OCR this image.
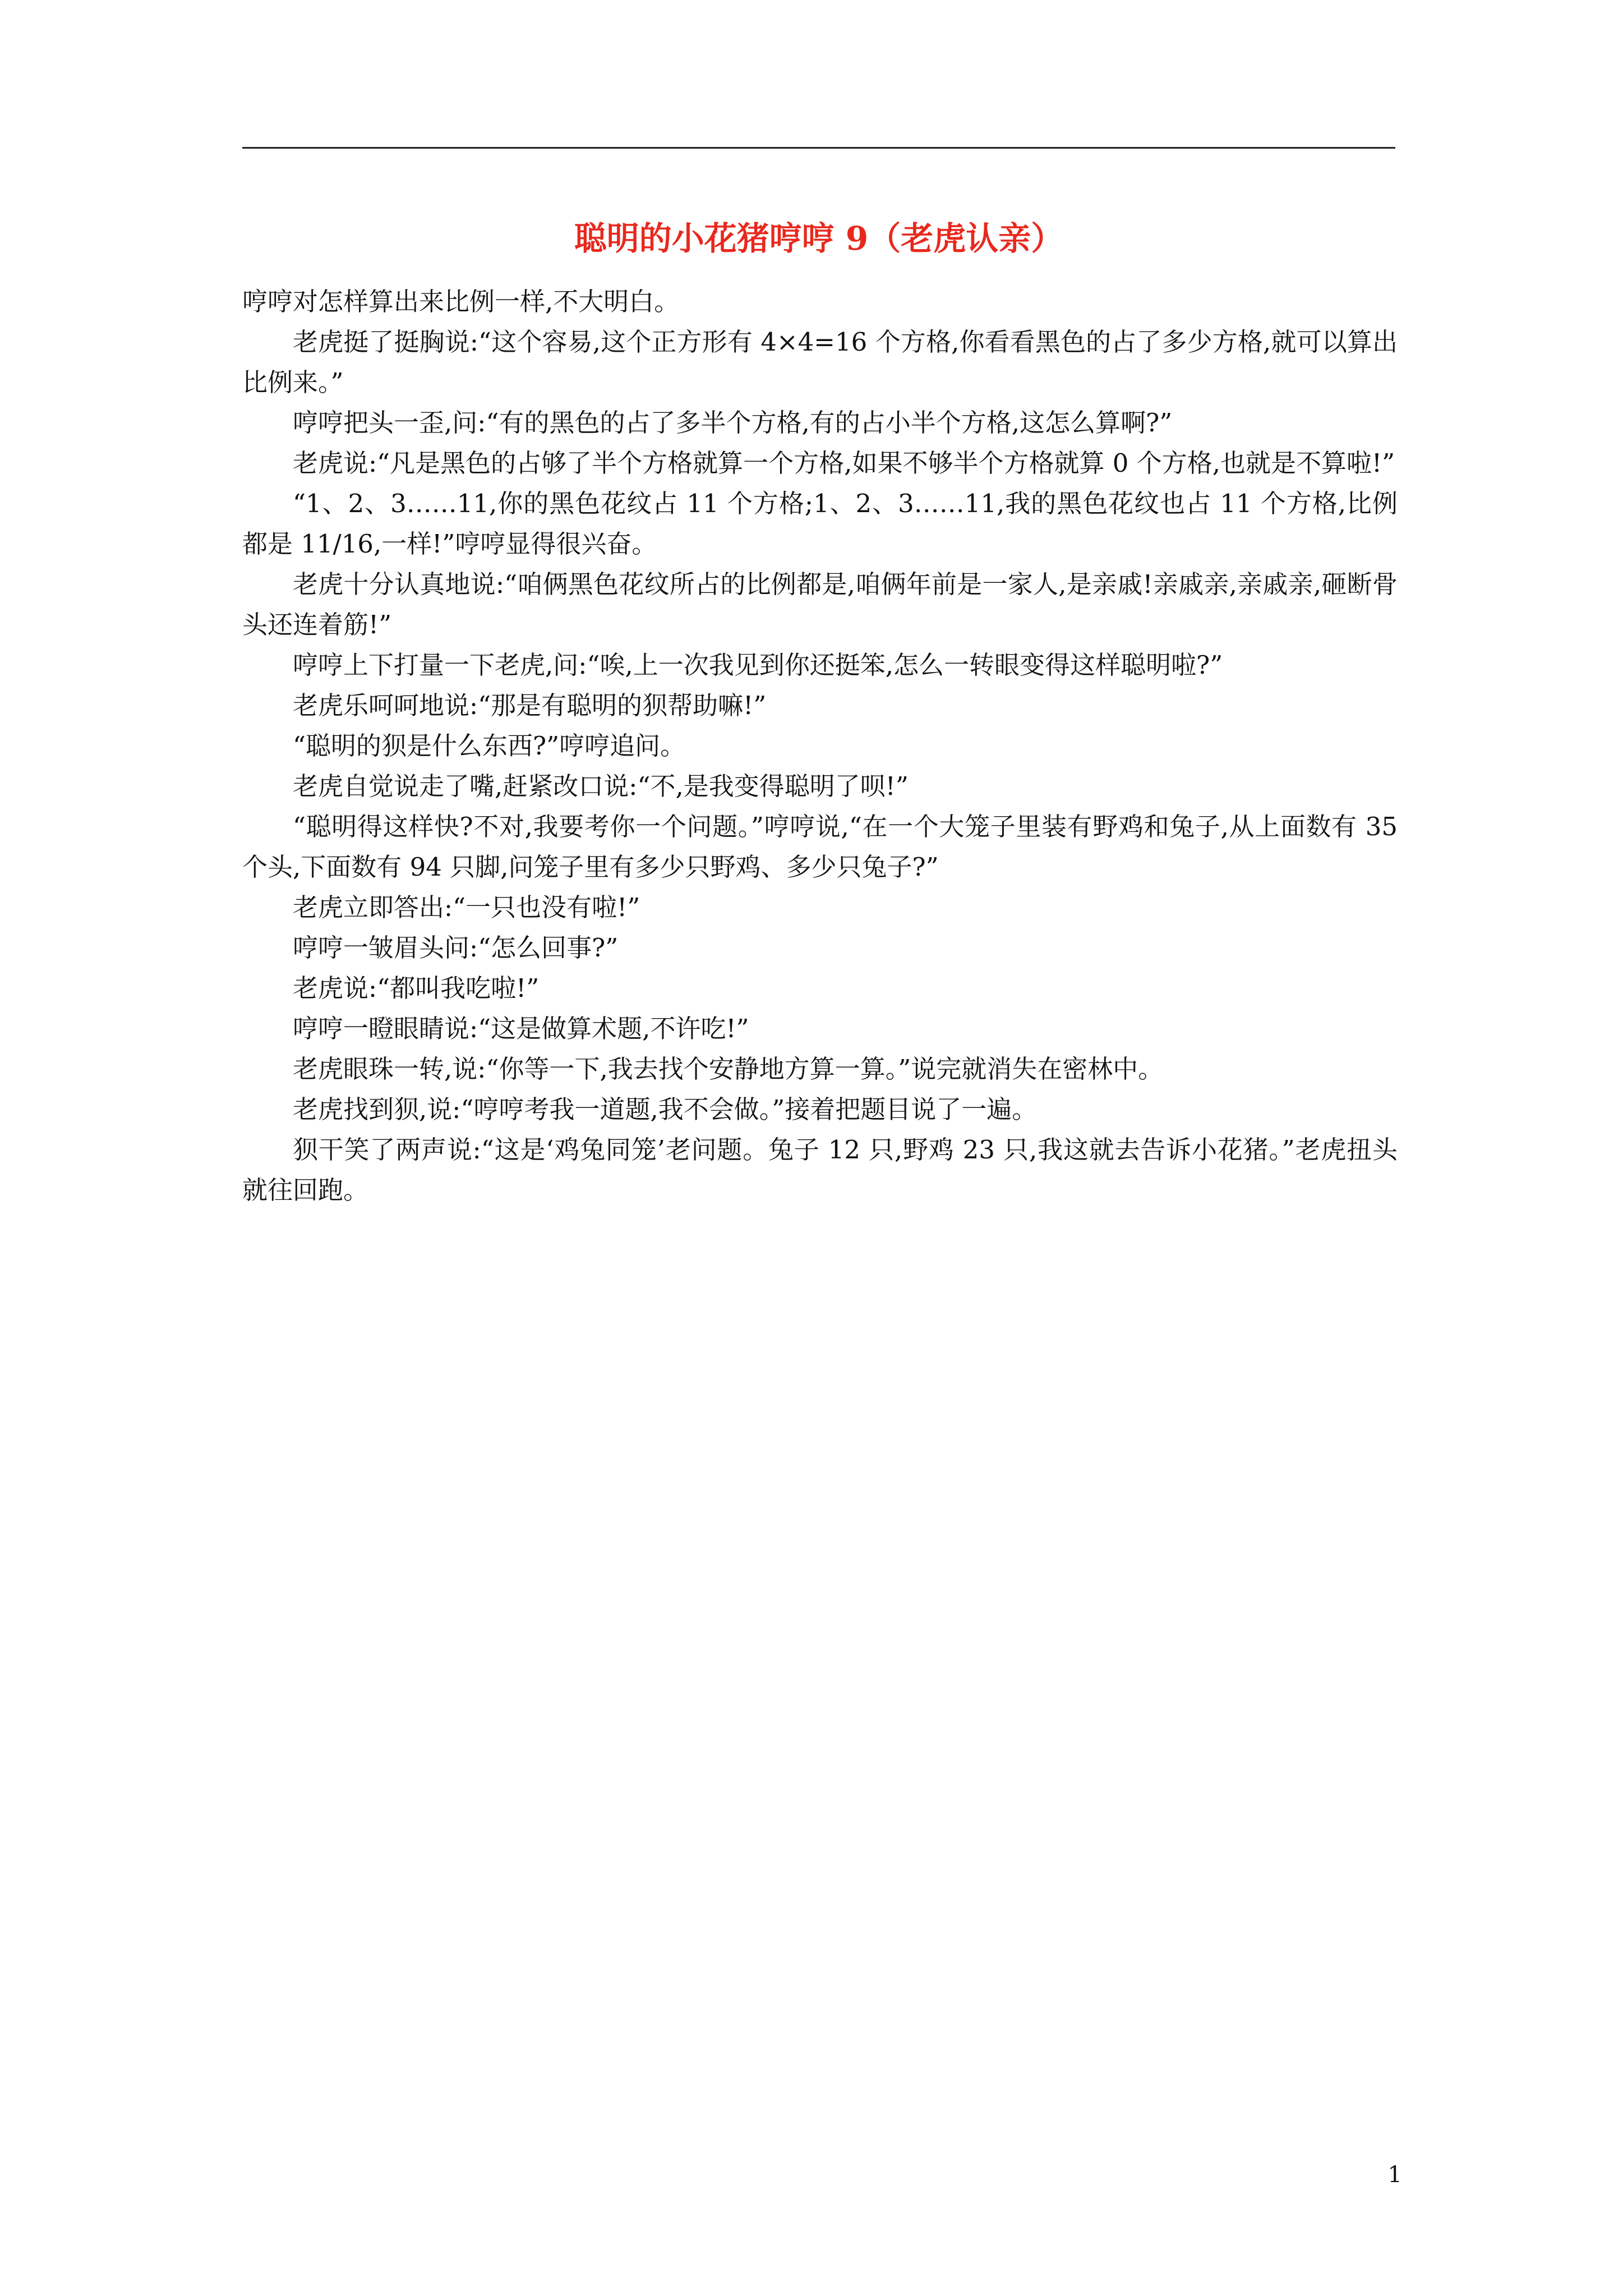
聪明的小花猪哼哼 9（老虎认亲）

哼哼对怎样算出来比例一样,不大明白。

老虎挺了挺胸说:“这个容易,这个正方形有 4×4=16 个方格,你看看黑色的占了多少方格,就可以算出比例来。”

哼哼把头一歪,问:“有的黑色的占了多半个方格,有的占小半个方格,这怎么算啊?”

老虎说:“凡是黑色的占够了半个方格就算一个方格,如果不够半个方格就算 0 个方格,也就是不算啦!”

“1、2、3……11,你的黑色花纹占 11 个方格;1、2、3……11,我的黑色花纹也占 11 个方格,比例都是 11/16,一样!”哼哼显得很兴奋。

老虎十分认真地说:“咱俩黑色花纹所占的比例都是,咱俩年前是一家人,是亲戚!亲戚亲,亲戚亲,砸断骨头还连着筋!”

哼哼上下打量一下老虎,问:“唉,上一次我见到你还挺笨,怎么一转眼变得这样聪明啦?”

老虎乐呵呵地说:“那是有聪明的狈帮助嘛!”

“聪明的狈是什么东西?”哼哼追问。

老虎自觉说走了嘴,赶紧改口说:“不,是我变得聪明了呗!”

“聪明得这样快?不对,我要考你一个问题。”哼哼说,“在一个大笼子里装有野鸡和兔子,从上面数有 35 个头,下面数有 94 只脚,问笼子里有多少只野鸡、多少只兔子?”

老虎立即答出:“一只也没有啦!”

哼哼一皱眉头问:“怎么回事?”

老虎说:“都叫我吃啦!”

哼哼一瞪眼睛说:“这是做算术题,不许吃!”

老虎眼珠一转,说:“你等一下,我去找个安静地方算一算。”说完就消失在密林中。

老虎找到狈,说:“哼哼考我一道题,我不会做。”接着把题目说了一遍。

狈干笑了两声说:“这是‘鸡兔同笼’老问题。兔子 12 只,野鸡 23 只,我这就去告诉小花猪。”老虎扭头就往回跑。

1
